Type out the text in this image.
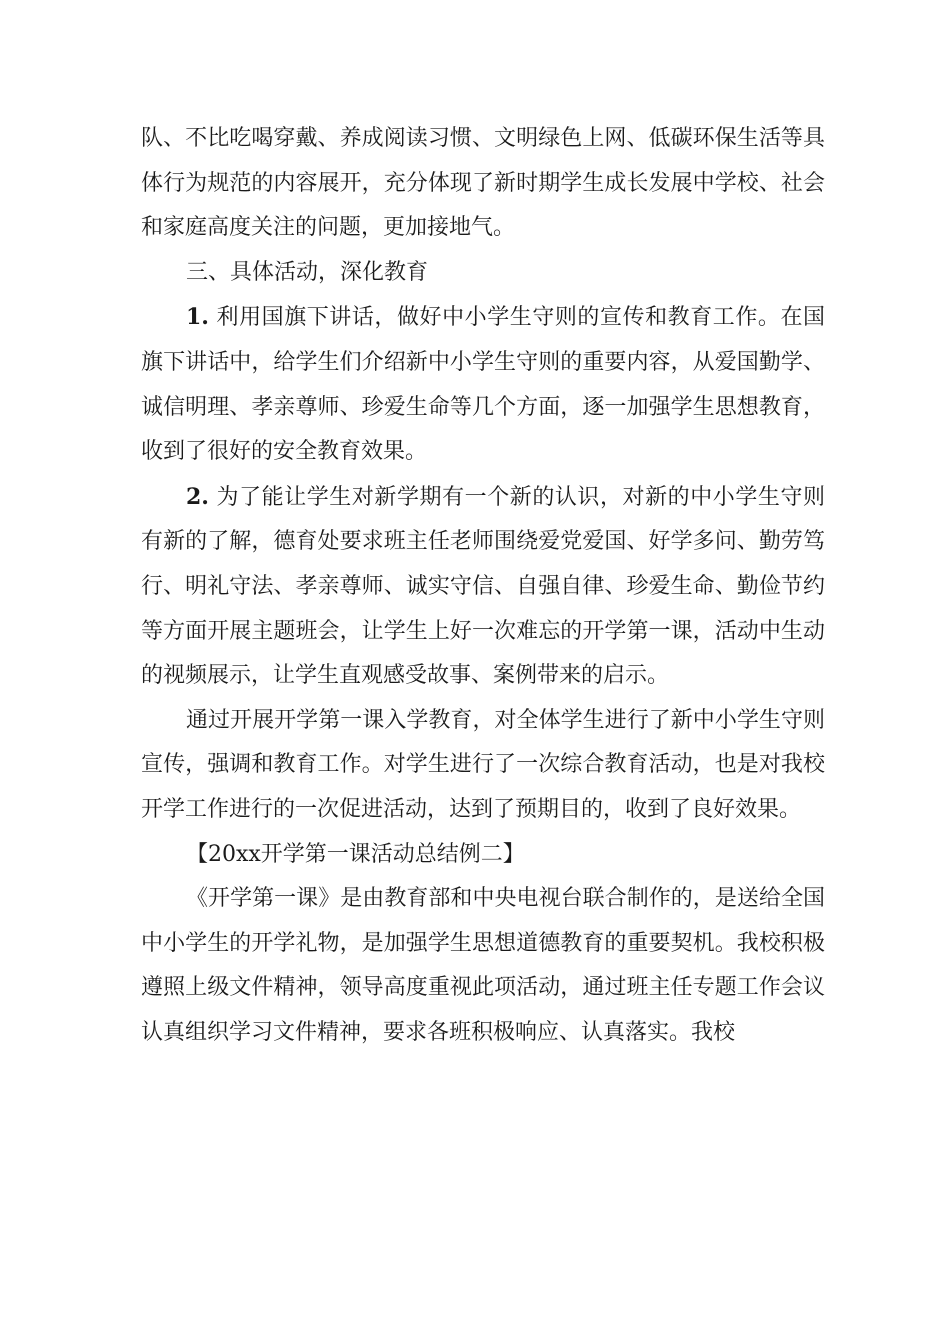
队、不比吃喝穿戴、养成阅读习惯、文明绿色上网、低碳环保生活等具体行为规范的内容展开，充分体现了新时期学生成长发展中学校、社会和家庭高度关注的问题，更加接地气。

三、具体活动，深化教育

1. 利用国旗下讲话，做好中小学生守则的宣传和教育工作。在国旗下讲话中，给学生们介绍新中小学生守则的重要内容，从爱国勤学、诚信明理、孝亲尊师、珍爱生命等几个方面，逐一加强学生思想教育，收到了很好的安全教育效果。

2. 为了能让学生对新学期有一个新的认识，对新的中小学生守则有新的了解，德育处要求班主任老师围绕爱党爱国、好学多问、勤劳笃行、明礼守法、孝亲尊师、诚实守信、自强自律、珍爱生命、勤俭节约等方面开展主题班会，让学生上好一次难忘的开学第一课，活动中生动的视频展示，让学生直观感受故事、案例带来的启示。

通过开展开学第一课入学教育，对全体学生进行了新中小学生守则宣传，强调和教育工作。对学生进行了一次综合教育活动，也是对我校开学工作进行的一次促进活动，达到了预期目的，收到了良好效果。

【20xx开学第一课活动总结例二】

《开学第一课》是由教育部和中央电视台联合制作的，是送给全国中小学生的开学礼物，是加强学生思想道德教育的重要契机。我校积极遵照上级文件精神，领导高度重视此项活动，通过班主任专题工作会议认真组织学习文件精神，要求各班积极响应、认真落实。我校
